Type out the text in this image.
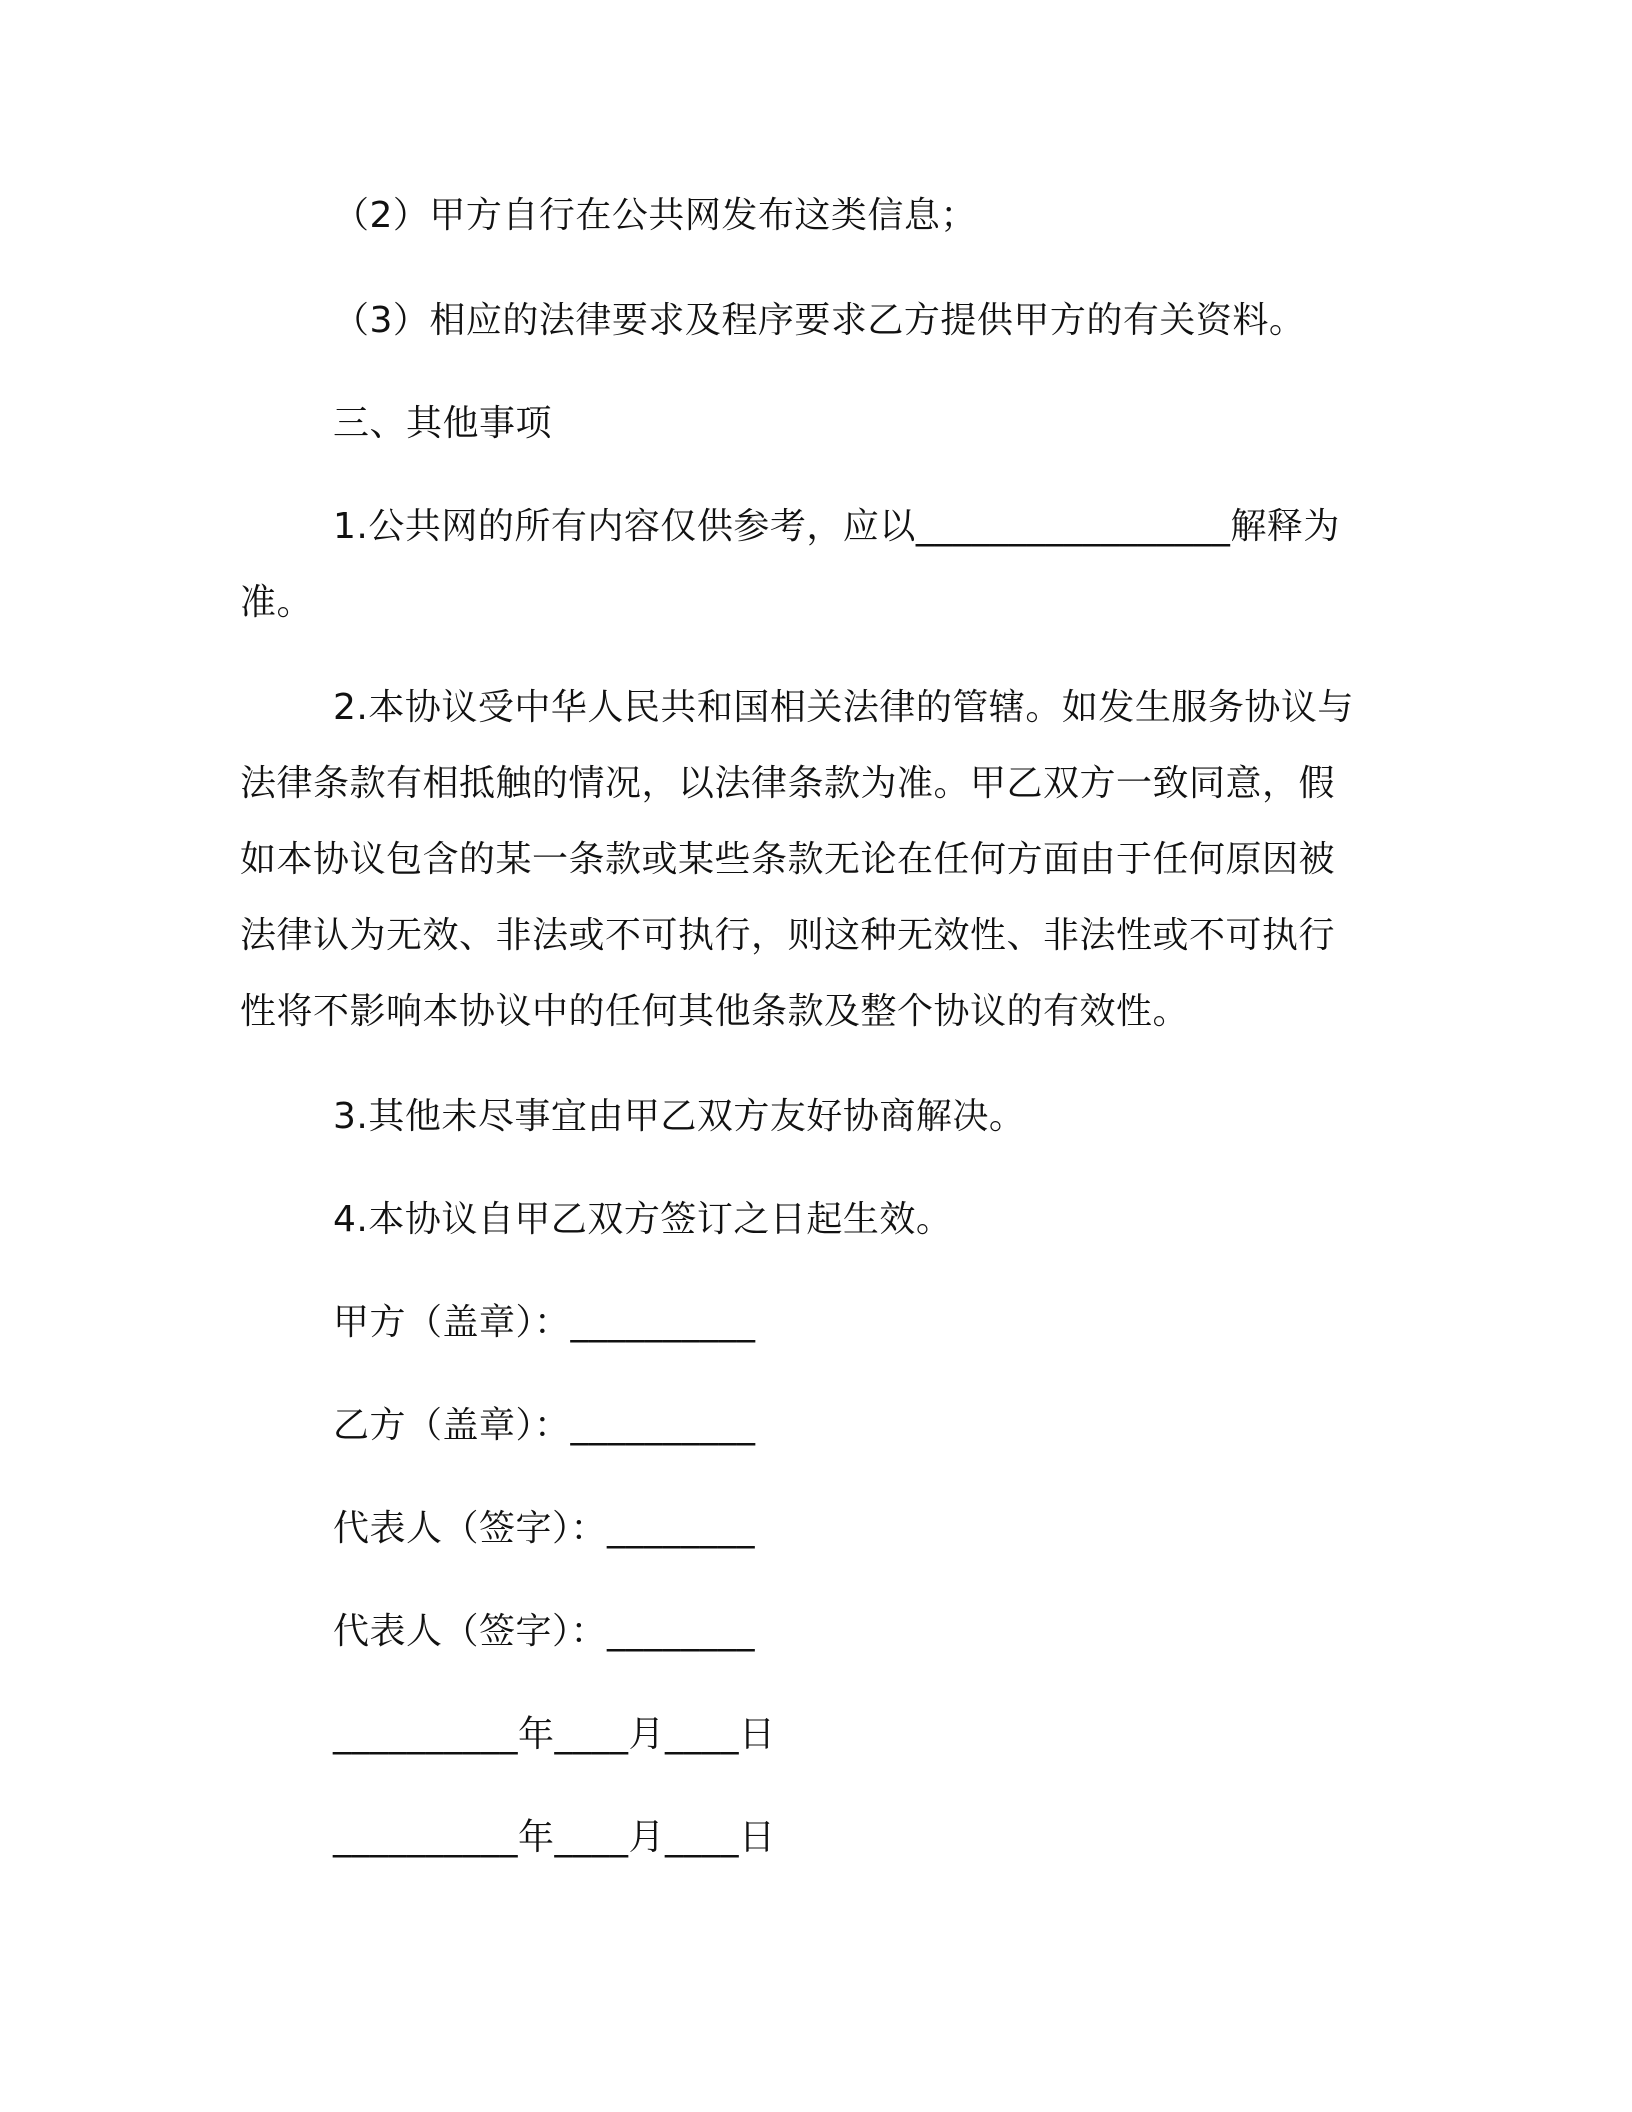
（2）甲方自行在公共网发布这类信息；
（3）相应的法律要求及程序要求乙方提供甲方的有关资料。
三、其他事项
1.公共网的所有内容仅供参考，应以_________________解释为
准。
2.本协议受中华人民共和国相关法律的管辖。如发生服务协议与
法律条款有相抵触的情况，以法律条款为准。甲乙双方一致同意，假
如本协议包含的某一条款或某些条款无论在任何方面由于任何原因被
法律认为无效、非法或不可执行，则这种无效性、非法性或不可执行
性将不影响本协议中的任何其他条款及整个协议的有效性。
3.其他未尽事宜由甲乙双方友好协商解决。
4.本协议自甲乙双方签订之日起生效。
甲方（盖章）：__________
乙方（盖章）：__________
代表人（签字）：________
代表人（签字）：________
__________年____月____日
__________年____月____日
